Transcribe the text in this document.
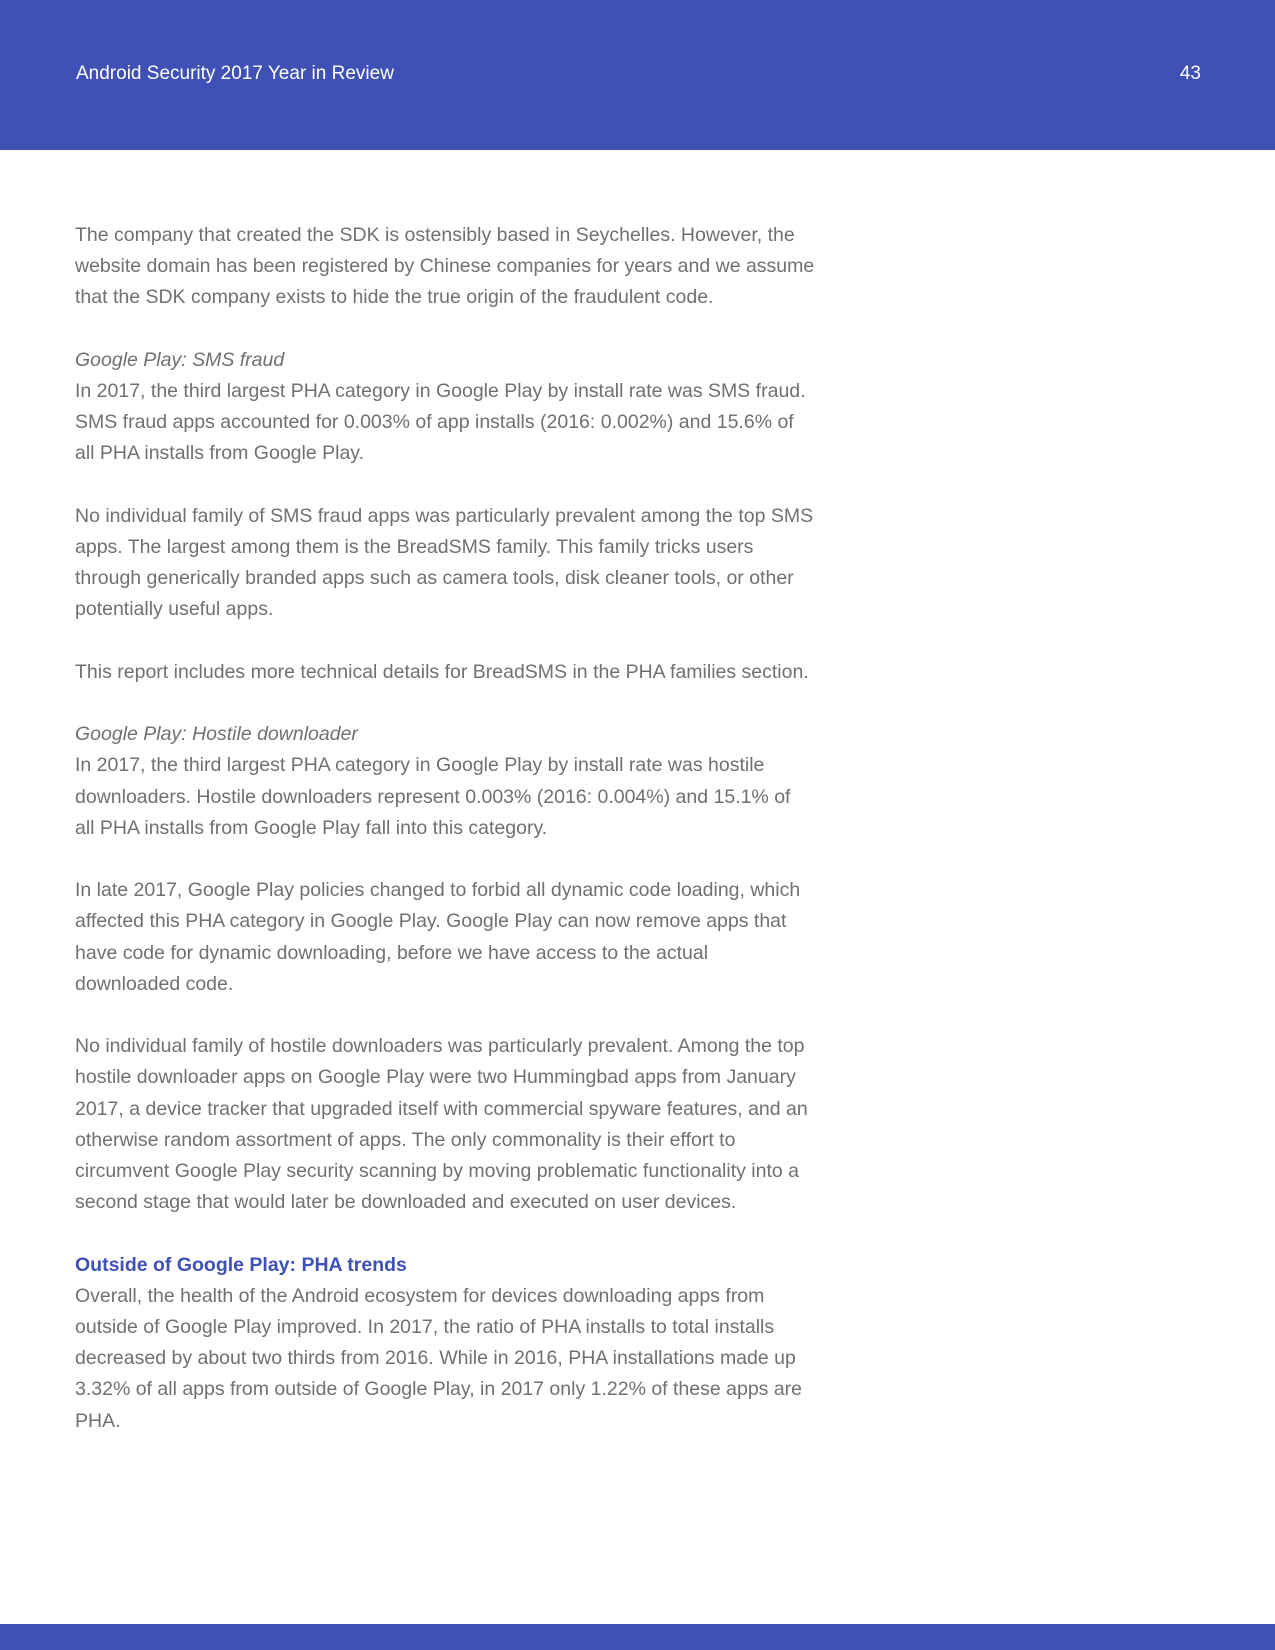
Android Security 2017 Year in Review	43

The company that created the SDK is ostensibly based in Seychelles. However, the website domain has been registered by Chinese companies for years and we assume that the SDK company exists to hide the true origin of the fraudulent code.

Google Play: SMS fraud
In 2017, the third largest PHA category in Google Play by install rate was SMS fraud. SMS fraud apps accounted for 0.003% of app installs (2016: 0.002%) and 15.6% of all PHA installs from Google Play.

No individual family of SMS fraud apps was particularly prevalent among the top SMS apps. The largest among them is the BreadSMS family. This family tricks users through generically branded apps such as camera tools, disk cleaner tools, or other potentially useful apps.

This report includes more technical details for BreadSMS in the PHA families section.

Google Play: Hostile downloader
In 2017, the third largest PHA category in Google Play by install rate was hostile downloaders. Hostile downloaders represent 0.003% (2016: 0.004%) and 15.1% of all PHA installs from Google Play fall into this category.

In late 2017, Google Play policies changed to forbid all dynamic code loading, which affected this PHA category in Google Play. Google Play can now remove apps that have code for dynamic downloading, before we have access to the actual downloaded code.

No individual family of hostile downloaders was particularly prevalent. Among the top hostile downloader apps on Google Play were two Hummingbad apps from January 2017, a device tracker that upgraded itself with commercial spyware features, and an otherwise random assortment of apps. The only commonality is their effort to circumvent Google Play security scanning by moving problematic functionality into a second stage that would later be downloaded and executed on user devices.

Outside of Google Play: PHA trends
Overall, the health of the Android ecosystem for devices downloading apps from outside of Google Play improved. In 2017, the ratio of PHA installs to total installs decreased by about two thirds from 2016. While in 2016, PHA installations made up 3.32% of all apps from outside of Google Play, in 2017 only 1.22% of these apps are PHA.
